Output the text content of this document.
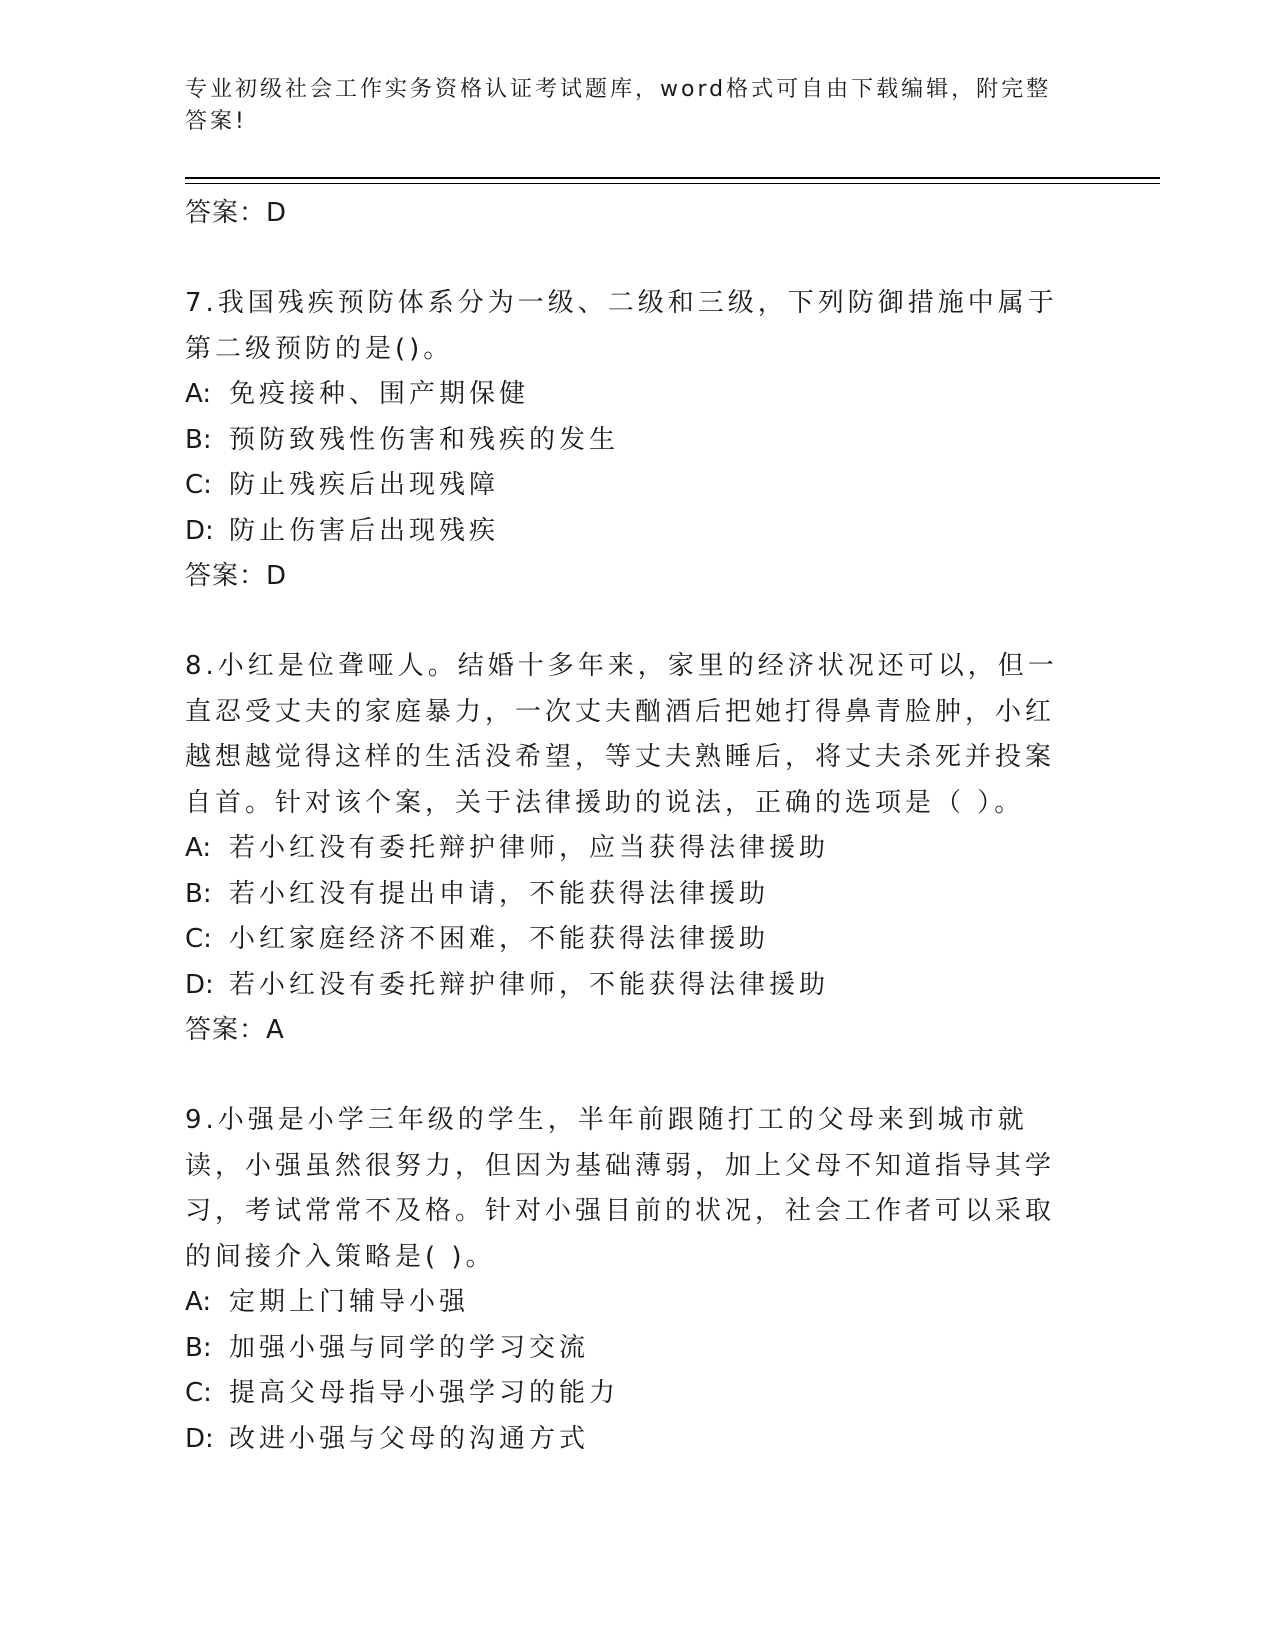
专业初级社会工作实务资格认证考试题库，word格式可自由下载编辑，附完整答案!
答案：D
7.我国残疾预防体系分为一级、二级和三级，下列防御措施中属于第二级预防的是()。
A: 免疫接种、围产期保健
B: 预防致残性伤害和残疾的发生
C: 防止残疾后出现残障
D: 防止伤害后出现残疾
答案：D
8.小红是位聋哑人。结婚十多年来，家里的经济状况还可以，但一直忍受丈夫的家庭暴力，一次丈夫酗酒后把她打得鼻青脸肿，小红越想越觉得这样的生活没希望，等丈夫熟睡后，将丈夫杀死并投案自首。针对该个案，关于法律援助的说法，正确的选项是（ ）。
A: 若小红没有委托辩护律师，应当获得法律援助
B: 若小红没有提出申请，不能获得法律援助
C: 小红家庭经济不困难，不能获得法律援助
D: 若小红没有委托辩护律师，不能获得法律援助
答案：A
9.小强是小学三年级的学生，半年前跟随打工的父母来到城市就读，小强虽然很努力，但因为基础薄弱，加上父母不知道指导其学习，考试常常不及格。针对小强目前的状况，社会工作者可以采取的间接介入策略是( )。
A: 定期上门辅导小强
B: 加强小强与同学的学习交流
C: 提高父母指导小强学习的能力
D: 改进小强与父母的沟通方式
